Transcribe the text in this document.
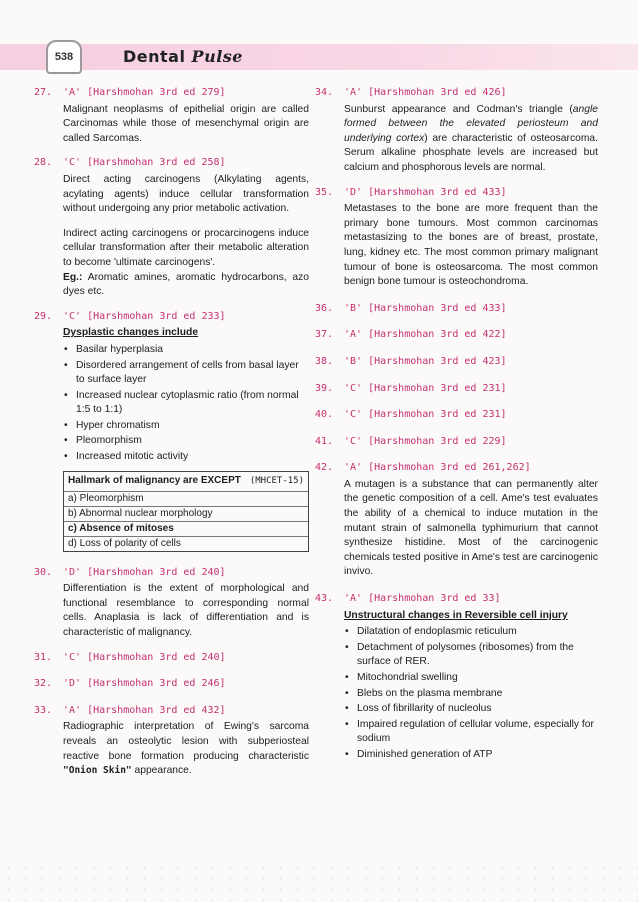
538	Dental Pulse
27.	'A' [Harshmohan 3rd ed 279]
Malignant neoplasms of epithelial origin are called Carcinomas while those of mesenchymal origin are called Sarcomas.
28.	'C' [Harshmohan 3rd ed 258]
Direct acting carcinogens (Alkylating agents, acylating agents) induce cellular transformation without undergoing any prior metabolic activation.
Indirect acting carcinogens or procarcinogens induce cellular transformation after their metabolic alteration to become 'ultimate carcinogens'.
Eg.: Aromatic amines, aromatic hydrocarbons, azo dyes etc.
29.	'C' [Harshmohan 3rd ed 233]
Dysplastic changes include
• Basilar hyperplasia
• Disordered arrangement of cells from basal layer to surface layer
• Increased nuclear cytoplasmic ratio (from normal 1:5 to 1:1)
• Hyper chromatism
• Pleomorphism
• Increased mitotic activity
Hallmark of malignancy are EXCEPT (MHCET-15)
a) Pleomorphism
b) Abnormal nuclear morphology
c) Absence of mitoses
d) Loss of polarity of cells
30.	'D' [Harshmohan 3rd ed 240]
Differentiation is the extent of morphological and functional resemblance to corresponding normal cells. Anaplasia is lack of differentiation and is characteristic of malignancy.
31.	'C' [Harshmohan 3rd ed 240]
32.	'D' [Harshmohan 3rd ed 246]
33.	'A' [Harshmohan 3rd ed 432]
Radiographic interpretation of Ewing's sarcoma reveals an osteolytic lesion with subperiosteal reactive bone formation producing characteristic "Onion Skin" appearance.
34.	'A' [Harshmohan 3rd ed 426]
Sunburst appearance and Codman's triangle (angle formed between the elevated periosteum and underlying cortex) are characteristic of osteosarcoma. Serum alkaline phosphate levels are increased but calcium and phosphorous levels are normal.
35.	'D' [Harshmohan 3rd ed 433]
Metastases to the bone are more frequent than the primary bone tumours. Most common carcinomas metastasizing to the bones are of breast, prostate, lung, kidney etc. The most common primary malignant tumour of bone is osteosarcoma. The most common benign bone tumour is osteochondroma.
36.	'B' [Harshmohan 3rd ed 433]
37.	'A' [Harshmohan 3rd ed 422]
38.	'B' [Harshmohan 3rd ed 423]
39.	'C' [Harshmohan 3rd ed 231]
40.	'C' [Harshmohan 3rd ed 231]
41.	'C' [Harshmohan 3rd ed 229]
42.	'A' [Harshmohan 3rd ed 261,262]
A mutagen is a substance that can permanently alter the genetic composition of a cell. Ame's test evaluates the ability of a chemical to induce mutation in the mutant strain of salmonella typhimurium that cannot synthesize histidine. Most of the carcinogenic chemicals tested positive in Ame's test are carcinogenic invivo.
43.	'A' [Harshmohan 3rd ed 33]
Unstructural changes in Reversible cell injury
• Dilatation of endoplasmic reticulum
• Detachment of polysomes (ribosomes) from the surface of RER.
• Mitochondrial swelling
• Blebs on the plasma membrane
• Loss of fibrillarity of nucleolus
• Impaired regulation of cellular volume, especially for sodium
• Diminished generation of ATP
